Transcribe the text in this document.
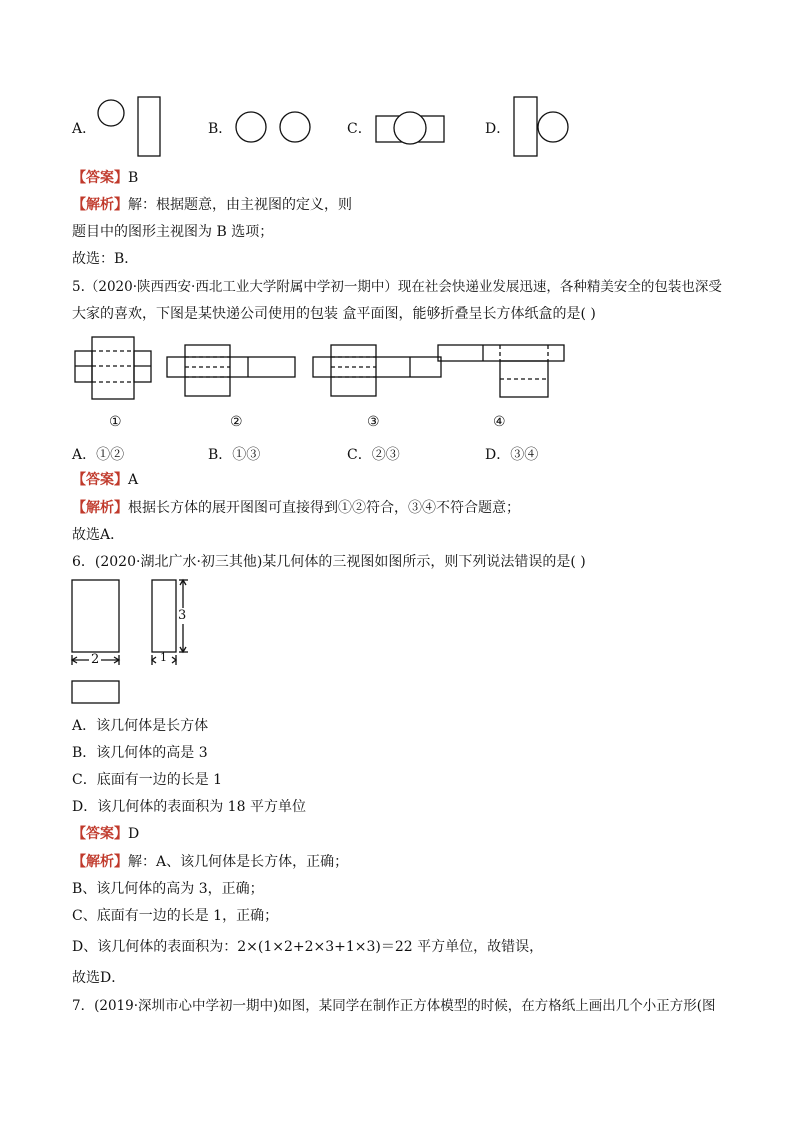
A．	B．	C．	D．
【答案】B
【解析】解：根据题意，由主视图的定义，则
题目中的图形主视图为 B 选项；
故选：B．
5.（2020·陕西西安·西北工业大学附属中学初一期中）现在社会快递业发展迅速，各种精美安全的包装也深受
大家的喜欢，下图是某快递公司使用的包装 盒平面图，能够折叠呈长方体纸盒的是( )
①	②	③	④
A．①②	B．①③	C．②③	D．③④
【答案】A
【解析】根据长方体的展开图图可直接得到①②符合，③④不符合题意；
故选A．
6．(2020·湖北广水·初三其他)某几何体的三视图如图所示，则下列说法错误的是( )
2	1
3
A．该几何体是长方体
B．该几何体的高是 3
C．底面有一边的长是 1
D．该几何体的表面积为 18 平方单位
【答案】D
【解析】解：A、该几何体是长方体，正确；
B、该几何体的高为 3，正确；
C、底面有一边的长是 1，正确；
D、该几何体的表面积为：2×(1×2+2×3+1×3)＝22 平方单位，故错误，
故选D．
7．(2019·深圳市心中学初一期中)如图，某同学在制作正方体模型的时候，在方格纸上画出几个小正方形(图
